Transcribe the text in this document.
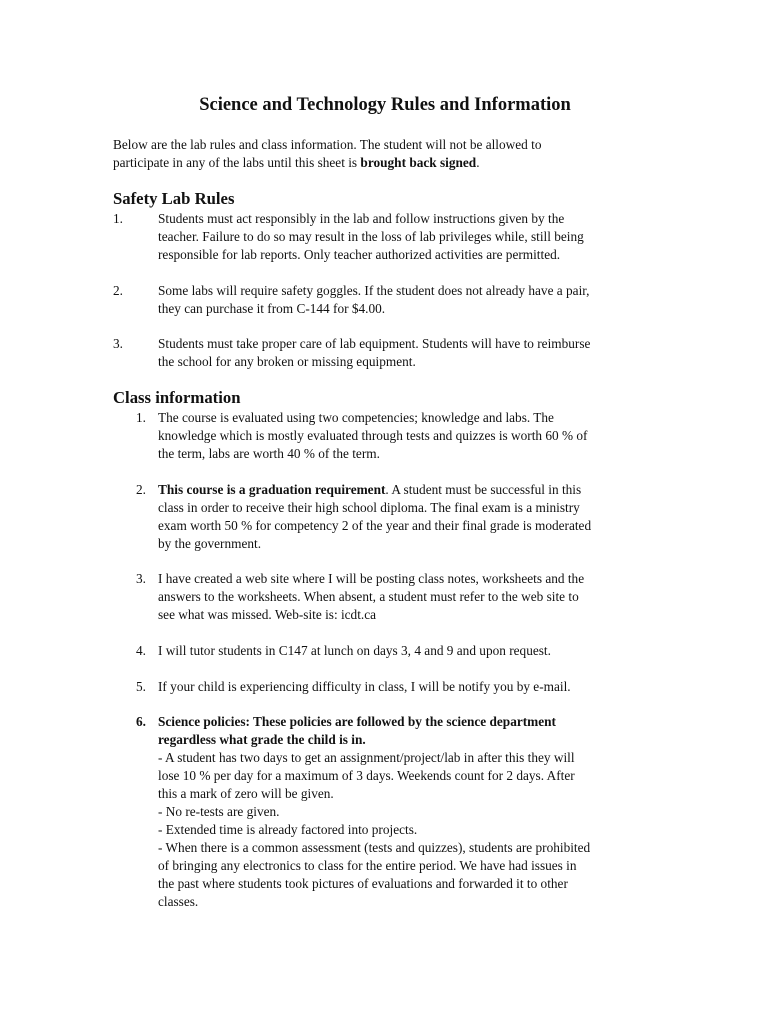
Science and Technology Rules and Information
Below are the lab rules and class information. The student will not be allowed to
participate in any of the labs until this sheet is brought back signed.
Safety Lab Rules
1.	Students must act responsibly in the lab and follow instructions given by the
teacher. Failure to do so may result in the loss of lab privileges while, still being
responsible for lab reports. Only teacher authorized activities are permitted.
2.	Some labs will require safety goggles. If the student does not already have a pair,
they can purchase it from C-144 for $4.00.
3.	Students must take proper care of lab equipment. Students will have to reimburse
the school for any broken or missing equipment.
Class information
1. The course is evaluated using two competencies; knowledge and labs. The
knowledge which is mostly evaluated through tests and quizzes is worth 60 % of
the term, labs are worth 40 % of the term.
2. This course is a graduation requirement. A student must be successful in this
class in order to receive their high school diploma. The final exam is a ministry
exam worth 50 % for competency 2 of the year and their final grade is moderated
by the government.
3. I have created a web site where I will be posting class notes, worksheets and the
answers to the worksheets. When absent, a student must refer to the web site to
see what was missed. Web-site is: icdt.ca
4. I will tutor students in C147 at lunch on days 3, 4 and 9 and upon request.
5. If your child is experiencing difficulty in class, I will be notify you by e-mail.
6. Science policies: These policies are followed by the science department
regardless what grade the child is in.
- A student has two days to get an assignment/project/lab in after this they will
lose 10 % per day for a maximum of 3 days. Weekends count for 2 days. After
this a mark of zero will be given.
- No re-tests are given.
- Extended time is already factored into projects.
- When there is a common assessment (tests and quizzes), students are prohibited
of bringing any electronics to class for the entire period. We have had issues in
the past where students took pictures of evaluations and forwarded it to other
classes.
